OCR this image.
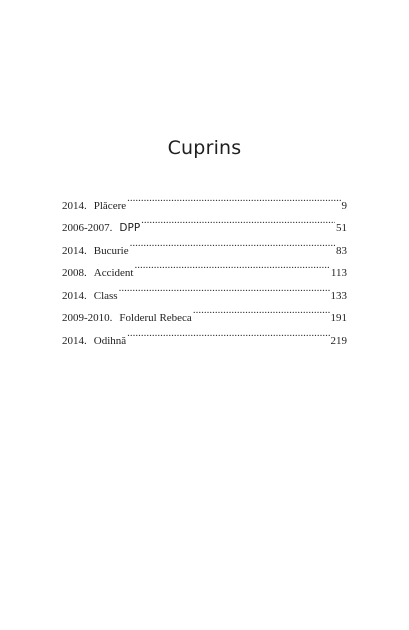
Cuprins
2014. Plăcere .....	9
2006-2007. DPP .....	51
2014. Bucurie .....	83
2008. Accident .....	113
2014. Class .....	133
2009-2010. Folderul Rebeca .....	191
2014. Odihnă .....	219
